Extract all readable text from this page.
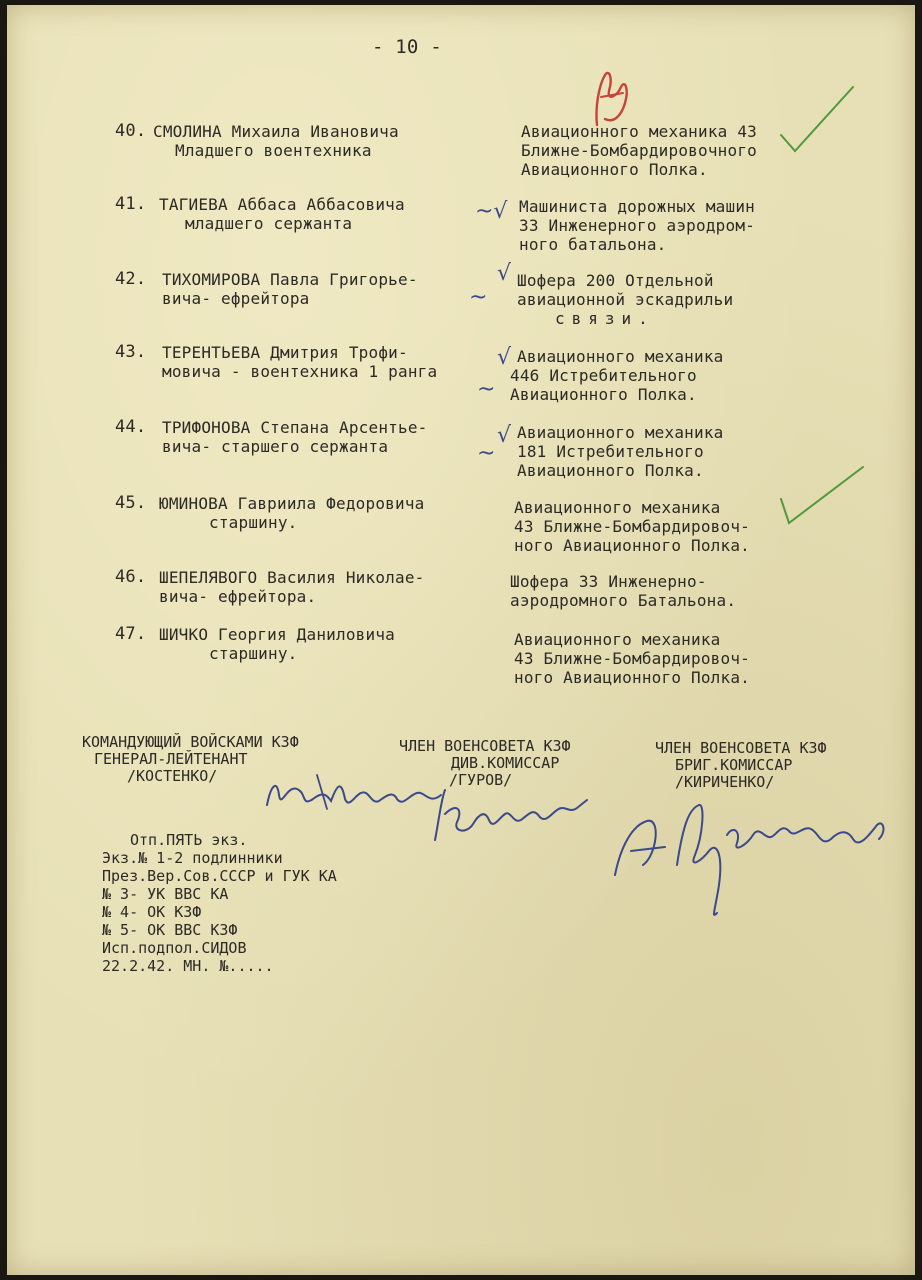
- 10 -
40. СМОЛИНА Михаила Ивановича
Младшего воентехника
Авиационного механика 43
Ближне-Бомбардировочного
Авиационного Полка.
41. ТАГИЕВА Аббаса Аббасовича
младшего сержанта
Машиниста дорожных машин
33 Инженерного аэродром-
ного батальона.
~√
42. ТИХОМИРОВА Павла Григорье-
вича- ефрейтора
Шофера 200 Отдельной
авиационной эскадрильи
связи.
√
~
43. ТЕРЕНТЬЕВА Дмитрия Трофи-
мовича - воентехника 1 ранга
Авиационного механика
446 Истребительного
Авиационного Полка.
√
~
44. ТРИФОНОВА Степана Арсентье-
вича- старшего сержанта
Авиационного механика
181 Истребительного
Авиационного Полка.
√
~
45. ЮМИНОВА Гавриила Федоровича
старшину.
Авиационного механика
43 Ближне-Бомбардировоч-
ного Авиационного Полка.
46. ШЕПЕЛЯВОГО Василия Николае-
вича- ефрейтора.
Шофера 33 Инженерно-
аэродромного Батальона.
47. ШИЧКО Георгия Даниловича
старшину.
Авиационного механика
43 Ближне-Бомбардировоч-
ного Авиационного Полка.
КОМАНДУЮЩИЙ ВОЙСКАМИ КЗФ
ГЕНЕРАЛ-ЛЕЙТЕНАНТ
/КОСТЕНКО/
ЧЛЕН ВОЕНСОВЕТА КЗФ
ДИВ.КОМИССАР
/ГУРОВ/
ЧЛЕН ВОЕНСОВЕТА КЗФ
БРИГ.КОМИССАР
/КИРИЧЕНКО/
Отп.ПЯТЬ экз.
Экз.№ 1-2 подлинники
През.Вер.Сов.СССР и ГУК КА
№ 3- УК ВВС КА
№ 4- ОК КЗФ
№ 5- ОК ВВС КЗФ
Исп.подпол.СИДОВ
22.2.42. МН. №.....
